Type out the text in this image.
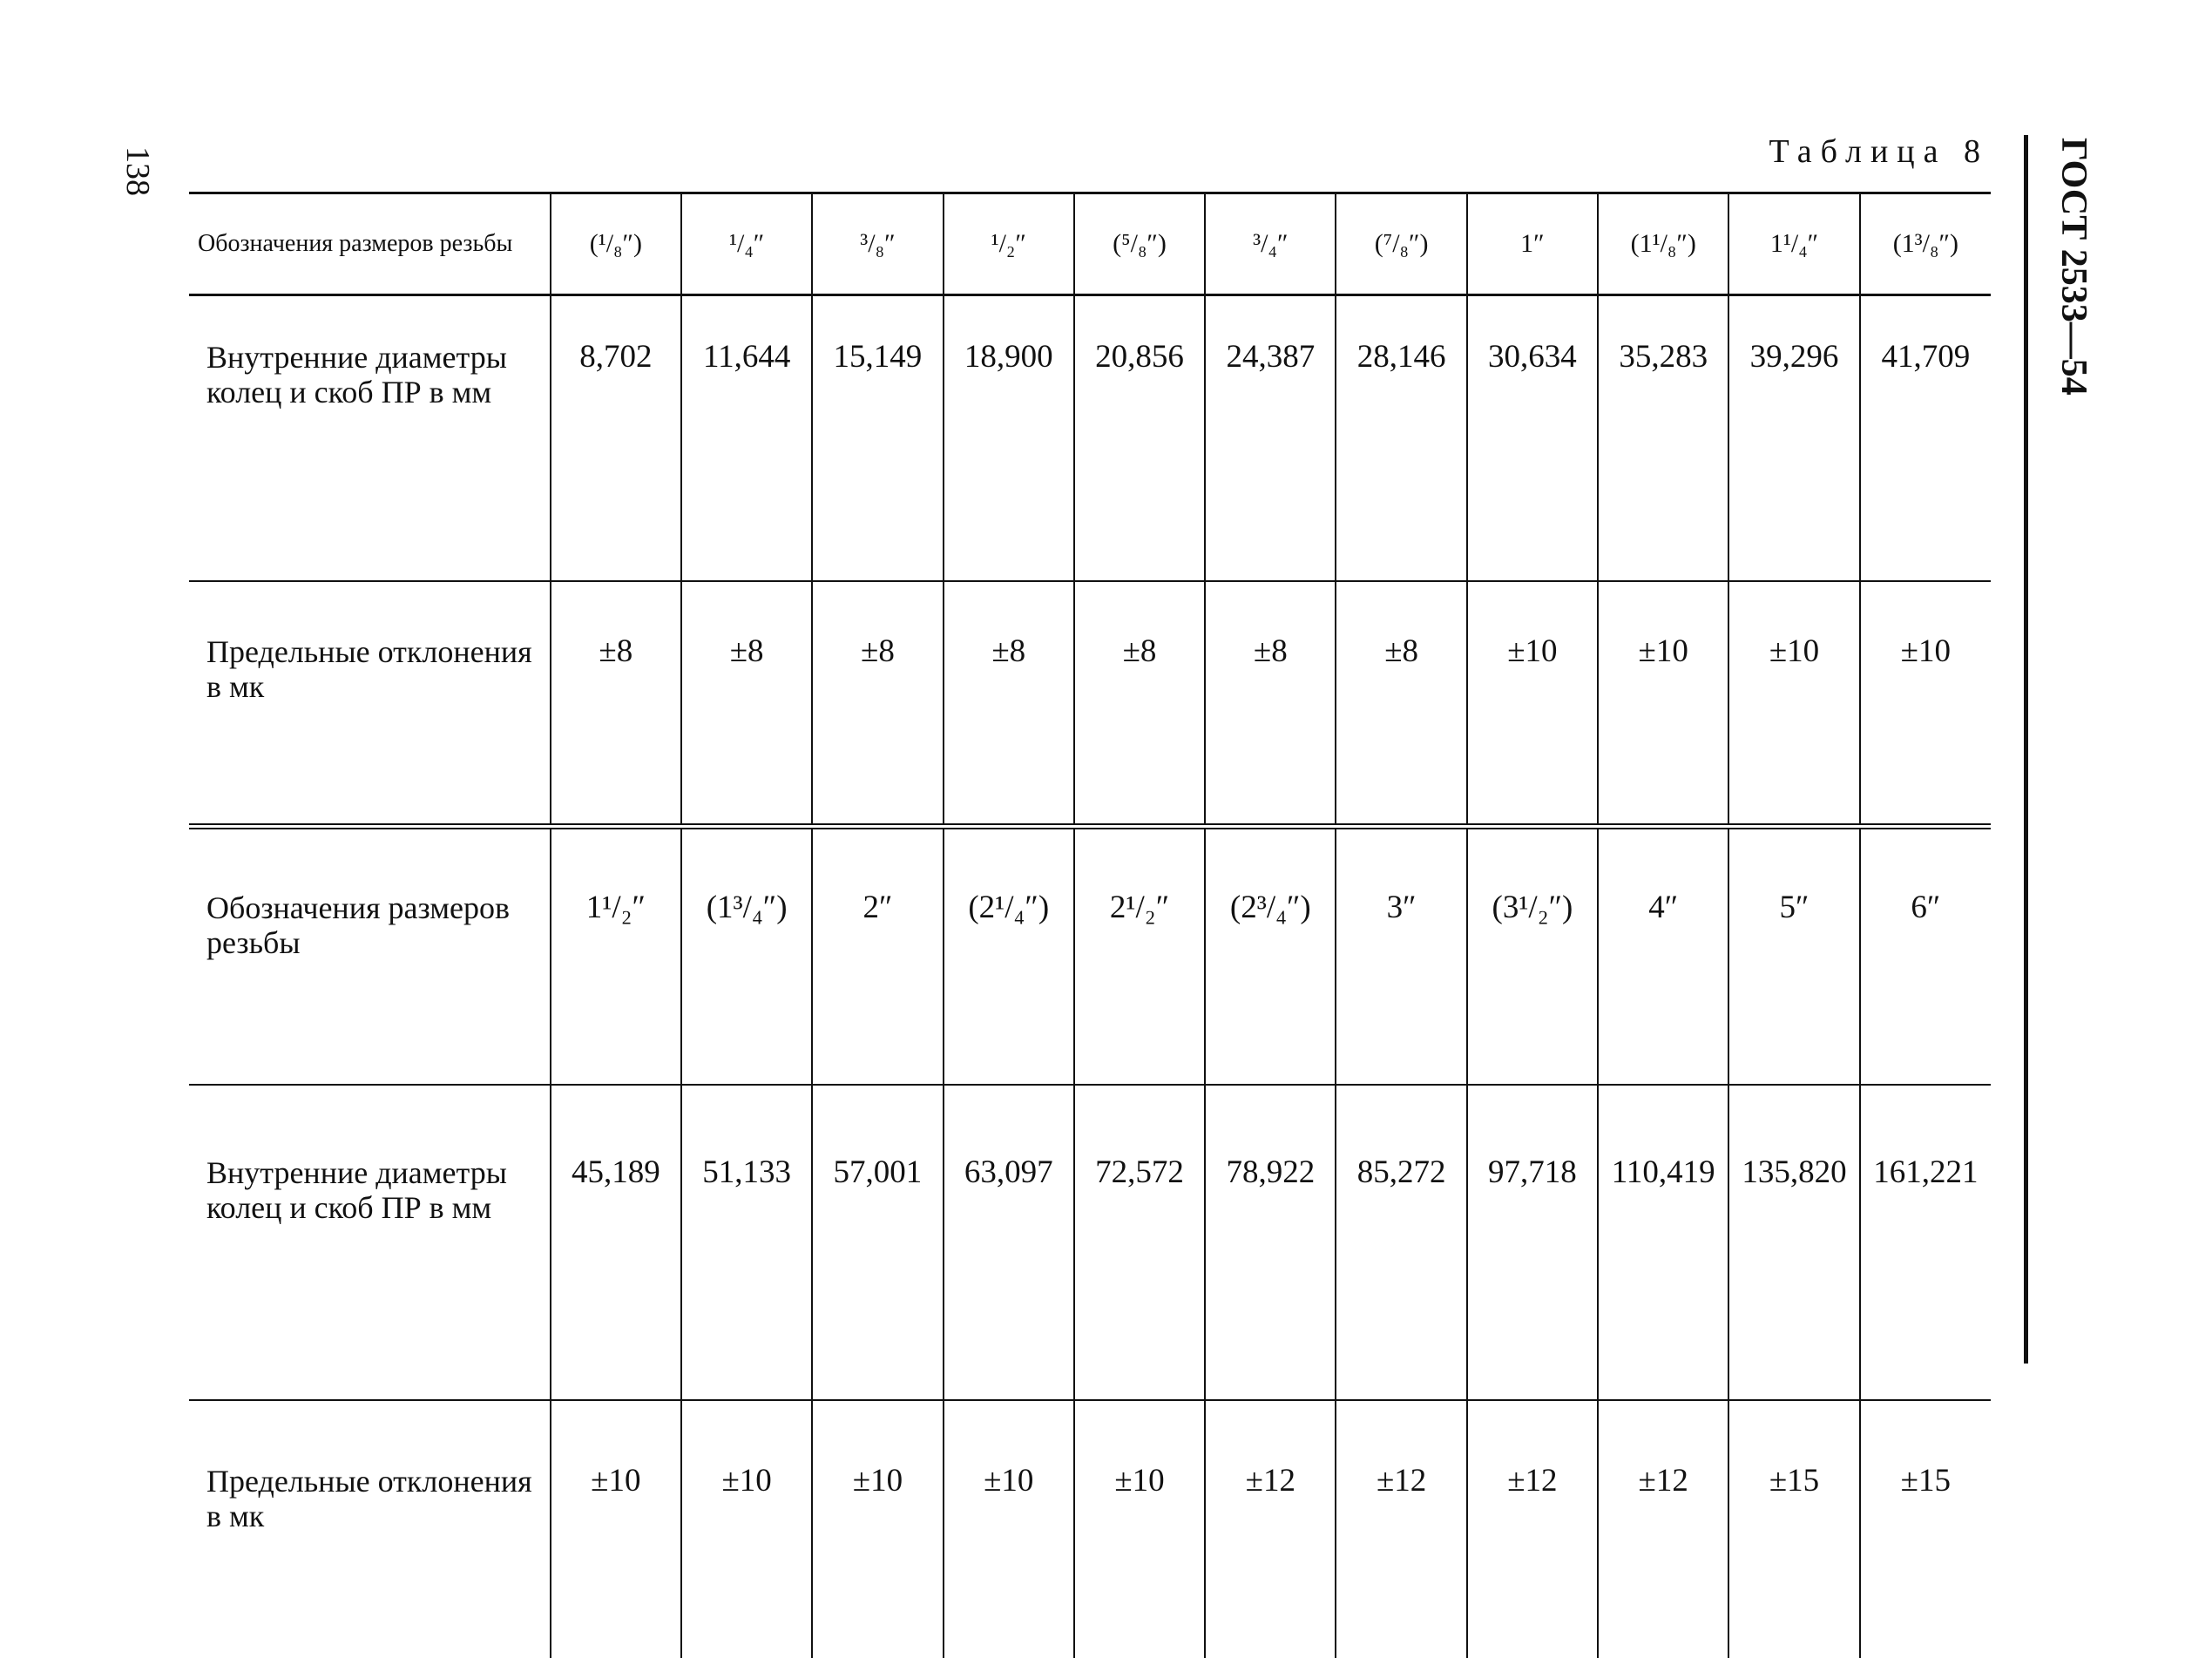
138	ГОСТ 2533—54
Таблица 8
Обозначения размеров резьбы	(¹/₈″)	¹/₄″	³/₈″	¹/₂″	(⁵/₈″)	³/₄″	(⁷/₈″)	1″	(1¹/₈″)	1¹/₄″	(1³/₈″)
Внутренние диаметры колец и скоб ПР в мм	8,702	11,644	15,149	18,900	20,856	24,387	28,146	30,634	35,283	39,296	41,709
Предельные отклонения в мк	±8	±8	±8	±8	±8	±8	±8	±10	±10	±10	±10
Обозначения размеров резьбы	1¹/₂″	(1³/₄″)	2″	(2¹/₄″)	2¹/₂″	(2³/₄″)	3″	(3¹/₂″)	4″	5″	6″
Внутренние диаметры колец и скоб ПР в мм	45,189	51,133	57,001	63,097	72,572	78,922	85,272	97,718	110,419	135,820	161,221
Предельные отклонения в мк	±10	±10	±10	±10	±10	±12	±12	±12	±12	±15	±15
